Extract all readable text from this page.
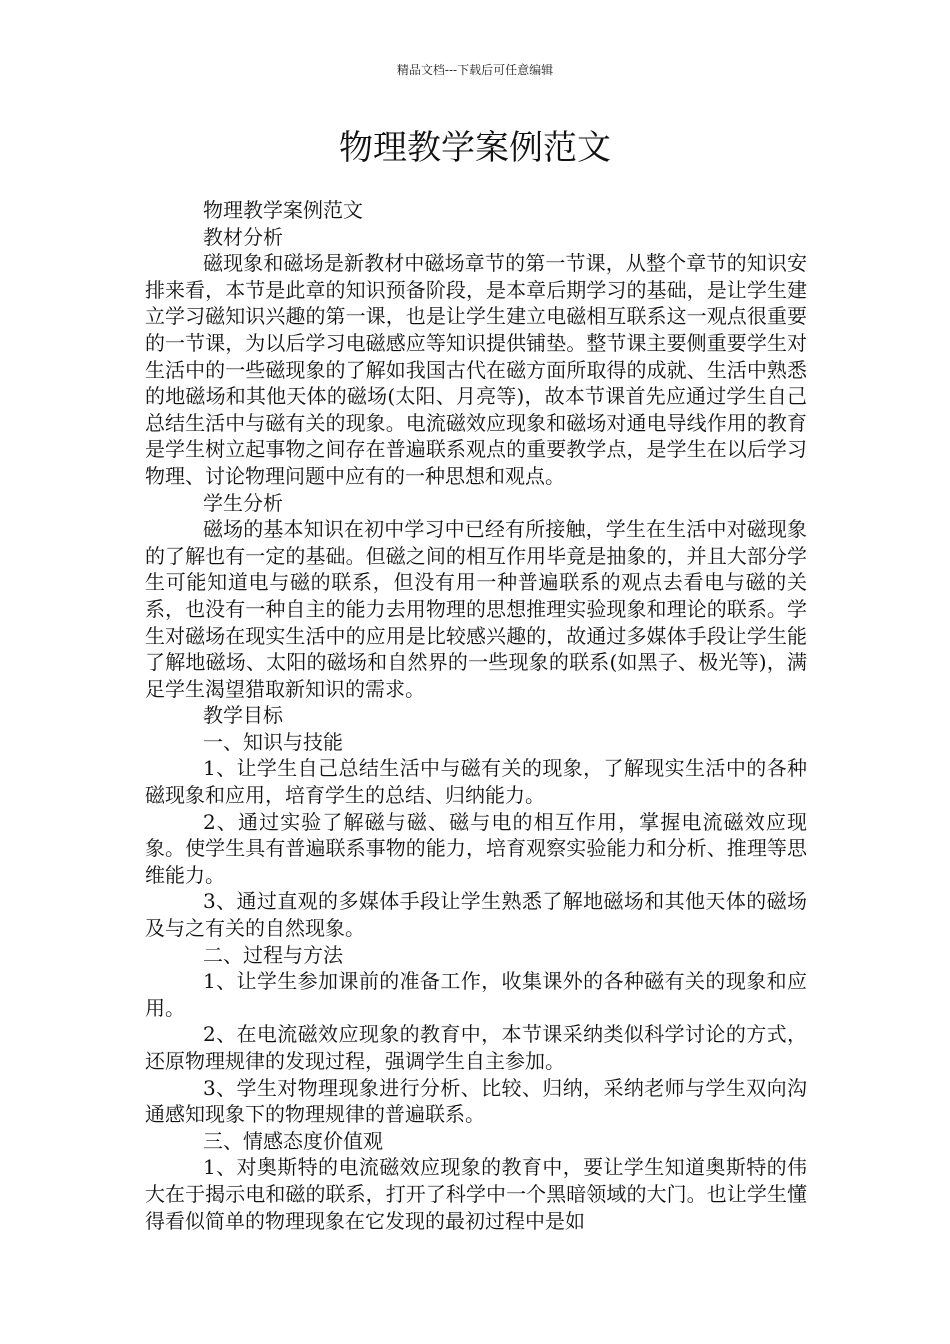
精品文档---下载后可任意编辑
物理教学案例范文

物理教学案例范文

教材分析

磁现象和磁场是新教材中磁场章节的第一节课，从整个章节的知识安排来看，本节是此章的知识预备阶段，是本章后期学习的基础，是让学生建立学习磁知识兴趣的第一课，也是让学生建立电磁相互联系这一观点很重要的一节课，为以后学习电磁感应等知识提供铺垫。整节课主要侧重要学生对生活中的一些磁现象的了解如我国古代在磁方面所取得的成就、生活中熟悉的地磁场和其他天体的磁场(太阳、月亮等)，故本节课首先应通过学生自己总结生活中与磁有关的现象。电流磁效应现象和磁场对通电导线作用的教育是学生树立起事物之间存在普遍联系观点的重要教学点，是学生在以后学习物理、讨论物理问题中应有的一种思想和观点。

学生分析

磁场的基本知识在初中学习中已经有所接触，学生在生活中对磁现象的了解也有一定的基础。但磁之间的相互作用毕竟是抽象的，并且大部分学生可能知道电与磁的联系，但没有用一种普遍联系的观点去看电与磁的关系，也没有一种自主的能力去用物理的思想推理实验现象和理论的联系。学生对磁场在现实生活中的应用是比较感兴趣的，故通过多媒体手段让学生能了解地磁场、太阳的磁场和自然界的一些现象的联系(如黑子、极光等)，满足学生渴望猎取新知识的需求。

教学目标

一、知识与技能

1、让学生自己总结生活中与磁有关的现象，了解现实生活中的各种磁现象和应用，培育学生的总结、归纳能力。

2、通过实验了解磁与磁、磁与电的相互作用，掌握电流磁效应现象。使学生具有普遍联系事物的能力，培育观察实验能力和分析、推理等思维能力。

3、通过直观的多媒体手段让学生熟悉了解地磁场和其他天体的磁场及与之有关的自然现象。

二、过程与方法

1、让学生参加课前的准备工作，收集课外的各种磁有关的现象和应用。

2、在电流磁效应现象的教育中，本节课采纳类似科学讨论的方式，还原物理规律的发现过程，强调学生自主参加。

3、学生对物理现象进行分析、比较、归纳，采纳老师与学生双向沟通感知现象下的物理规律的普遍联系。

三、情感态度价值观

1、对奥斯特的电流磁效应现象的教育中，要让学生知道奥斯特的伟大在于揭示电和磁的联系，打开了科学中一个黑暗领域的大门。也让学生懂得看似简单的物理现象在它发现的最初过程中是如
